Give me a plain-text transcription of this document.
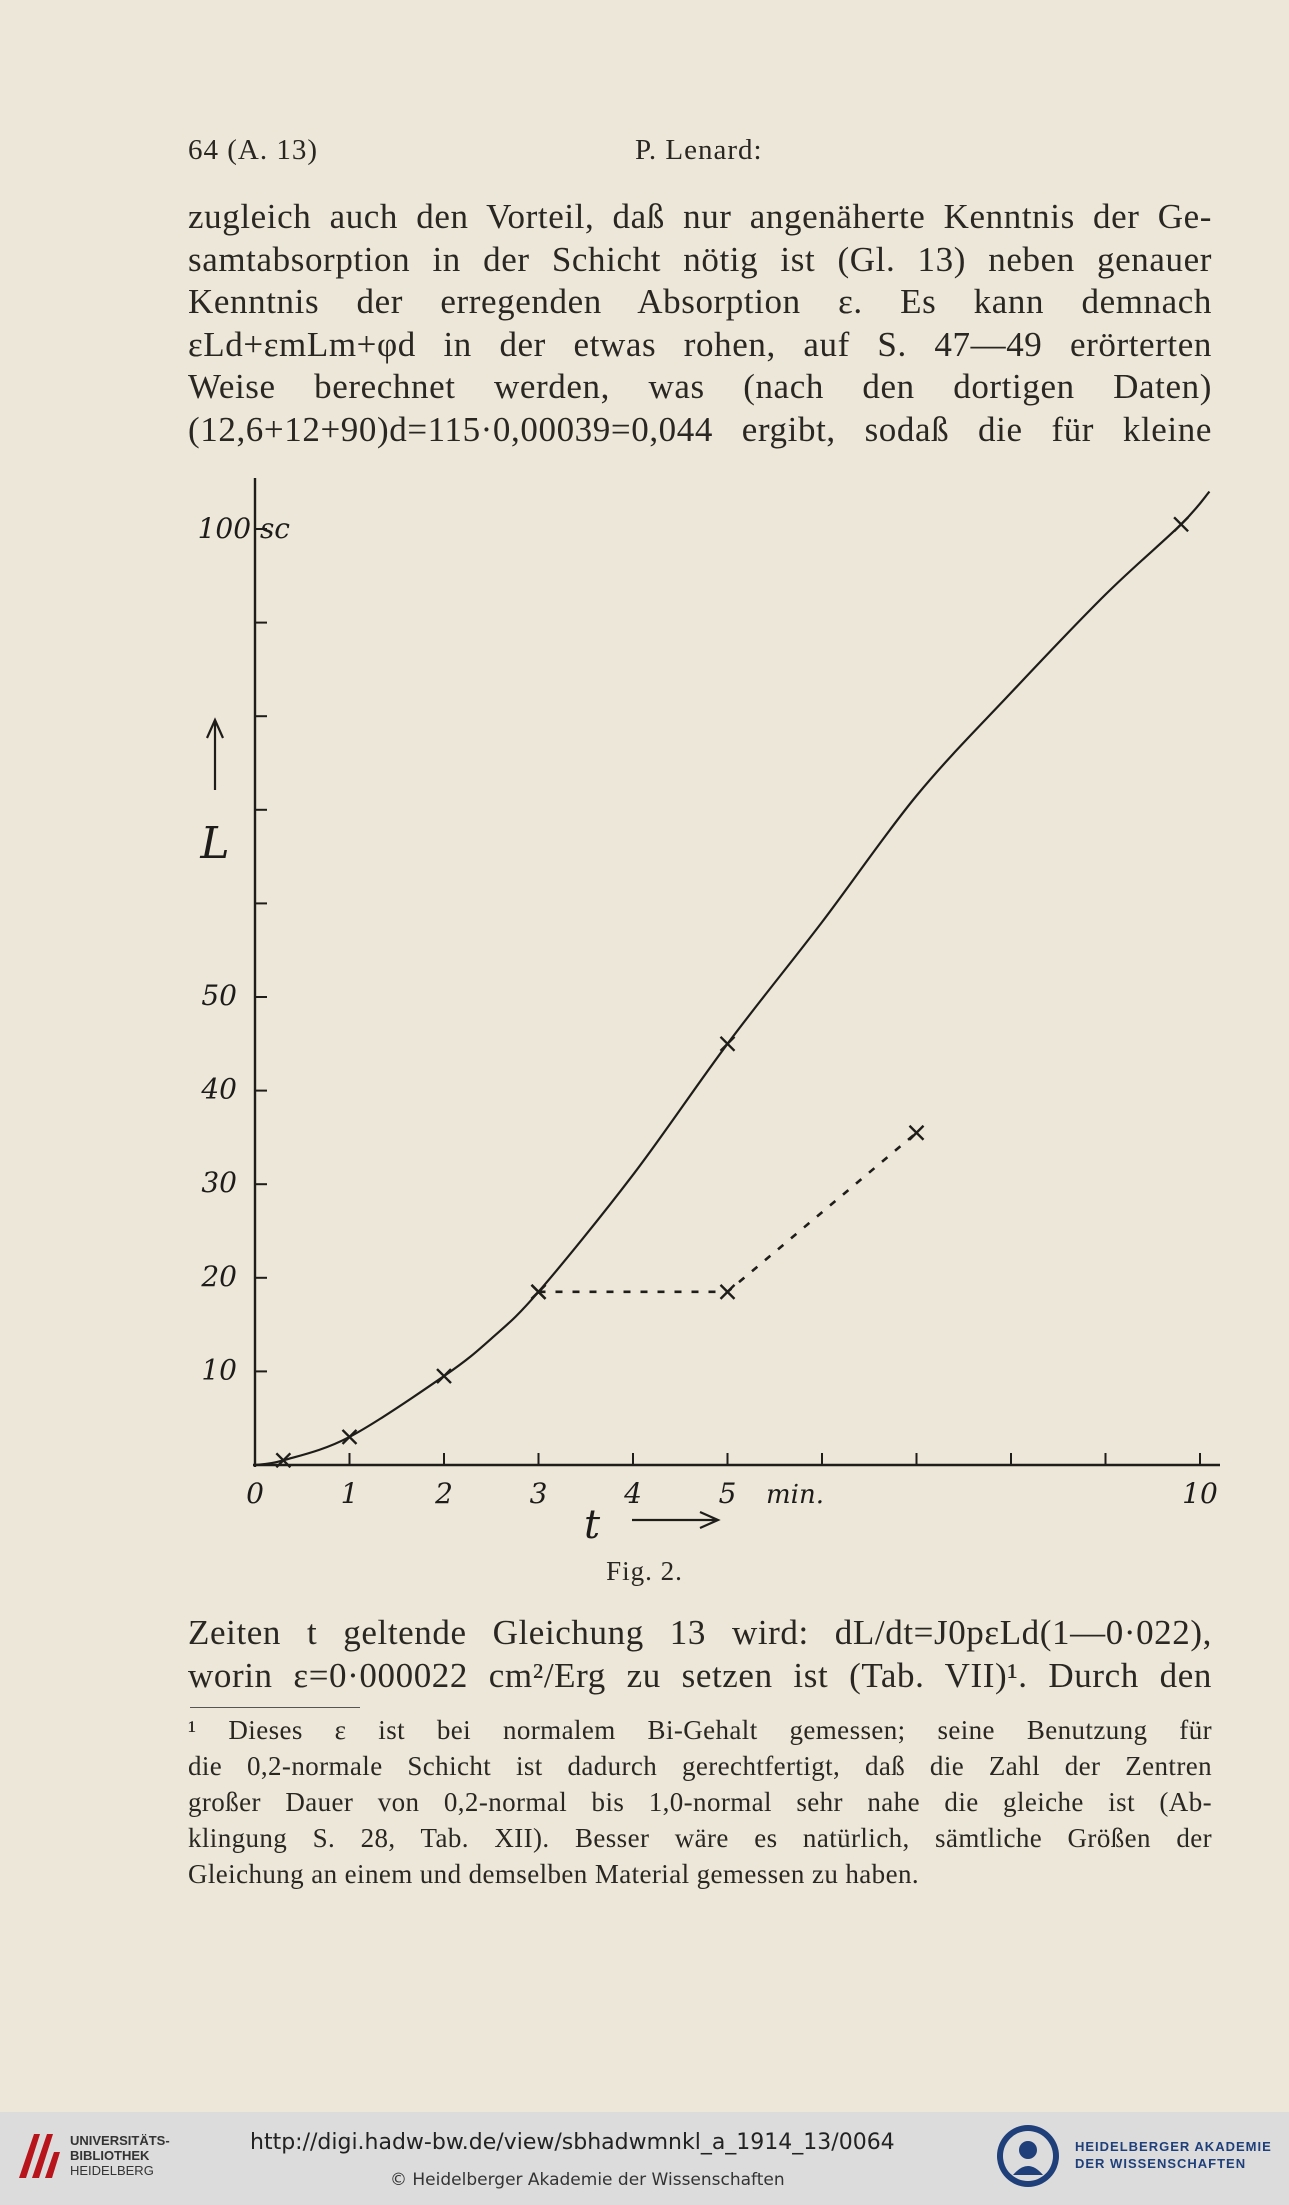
64 (A. 13)	P. Lenard:
zugleich auch den Vorteil, daß nur angenäherte Kenntnis der Ge-
samtabsorption in der Schicht nötig ist (Gl. 13) neben genauer
Kenntnis der erregenden Absorption ε. Es kann demnach
εLd+εmLm+φd in der etwas rohen, auf S. 47—49 erörterten
Weise berechnet werden, was (nach den dortigen Daten)
(12,6+12+90)d=115·0,00039=0,044 ergibt, sodaß die für kleine
0	1	2	3	4	5	10
10
20
30
40
50
100 sc
L
t
min.
Fig. 2.
Zeiten t geltende Gleichung 13 wird: dL/dt=J0pεLd(1—0·022),
worin ε=0·000022 cm²/Erg zu setzen ist (Tab. VII)¹. Durch den
¹ Dieses ε ist bei normalem Bi-Gehalt gemessen; seine Benutzung für
die 0,2-normale Schicht ist dadurch gerechtfertigt, daß die Zahl der Zentren
großer Dauer von 0,2-normal bis 1,0-normal sehr nahe die gleiche ist (Ab-
klingung S. 28, Tab. XII). Besser wäre es natürlich, sämtliche Größen der
Gleichung an einem und demselben Material gemessen zu haben.
UNIVERSITÄTS-
BIBLIOTHEK
HEIDELBERG
http://digi.hadw-bw.de/view/sbhadwmnkl_a_1914_13/0064
© Heidelberger Akademie der Wissenschaften
HEIDELBERGER AKADEMIE
DER WISSENSCHAFTEN
